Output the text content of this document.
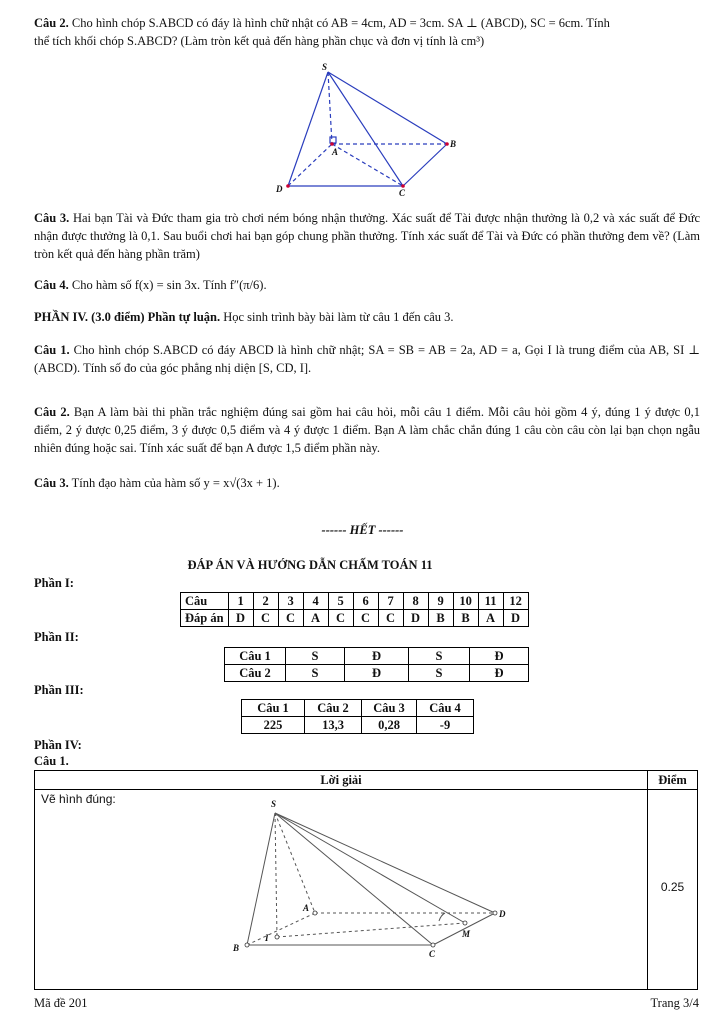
Câu 2. Cho hình chóp S.ABCD có đáy là hình chữ nhật có AB = 4cm, AD = 3cm. SA ⊥ (ABCD), SC = 6cm. Tính
thể tích khối chóp S.ABCD? (Làm tròn kết quả đến hàng phần chục và đơn vị tính là cm³)
S
A
B
C
D
Câu 3. Hai bạn Tài và Đức tham gia trò chơi ném bóng nhận thưởng. Xác suất để Tài được nhận thưởng là 0,2 và xác suất để Đức nhận được thưởng là 0,1. Sau buổi chơi hai bạn góp chung phần thưởng. Tính xác suất để Tài và Đức có phần thưởng đem về? (Làm tròn kết quả đến hàng phần trăm)
Câu 4. Cho hàm số f(x) = sin 3x. Tính f″(π/6).
PHẦN IV. (3.0 điểm) Phần tự luận. Học sinh trình bày bài làm từ câu 1 đến câu 3.
Câu 1. Cho hình chóp S.ABCD có đáy ABCD là hình chữ nhật; SA = SB = AB = 2a, AD = a, Gọi I là trung điểm của AB, SI ⊥ (ABCD). Tính số đo của góc phẳng nhị diện [S, CD, I].
Câu 2. Bạn A làm bài thi phần trắc nghiệm đúng sai gồm hai câu hỏi, mỗi câu 1 điểm. Mỗi câu hỏi gồm 4 ý, đúng 1 ý được 0,1 điểm, 2 ý được 0,25 điểm, 3 ý được 0,5 điểm và 4 ý được 1 điểm. Bạn A làm chắc chắn đúng 1 câu còn câu còn lại bạn chọn ngẫu nhiên đúng hoặc sai. Tính xác suất để bạn A được 1,5 điểm phần này.
Câu 3. Tính đạo hàm của hàm số y = x√(3x + 1).
------ HẾT ------
ĐÁP ÁN VÀ HƯỚNG DẪN CHẤM TOÁN 11
Phần I:
Câu	1	2	3	4	5	6	7	8	9	10	11	12
Đáp án	D	C	C	A	C	C	C	D	B	B	A	D
Phần II:
Câu 1	S	Đ	S	Đ
Câu 2	S	Đ	S	Đ
Phần III:
Câu 1	Câu 2	Câu 3	Câu 4
225	13,3	0,28	-9
Phần IV:
Câu 1.
Lời giải	Điểm
Vẽ hình đúng:
0.25
S
A
D
M
C
I
B
Mã đề 201	Trang 3/4
